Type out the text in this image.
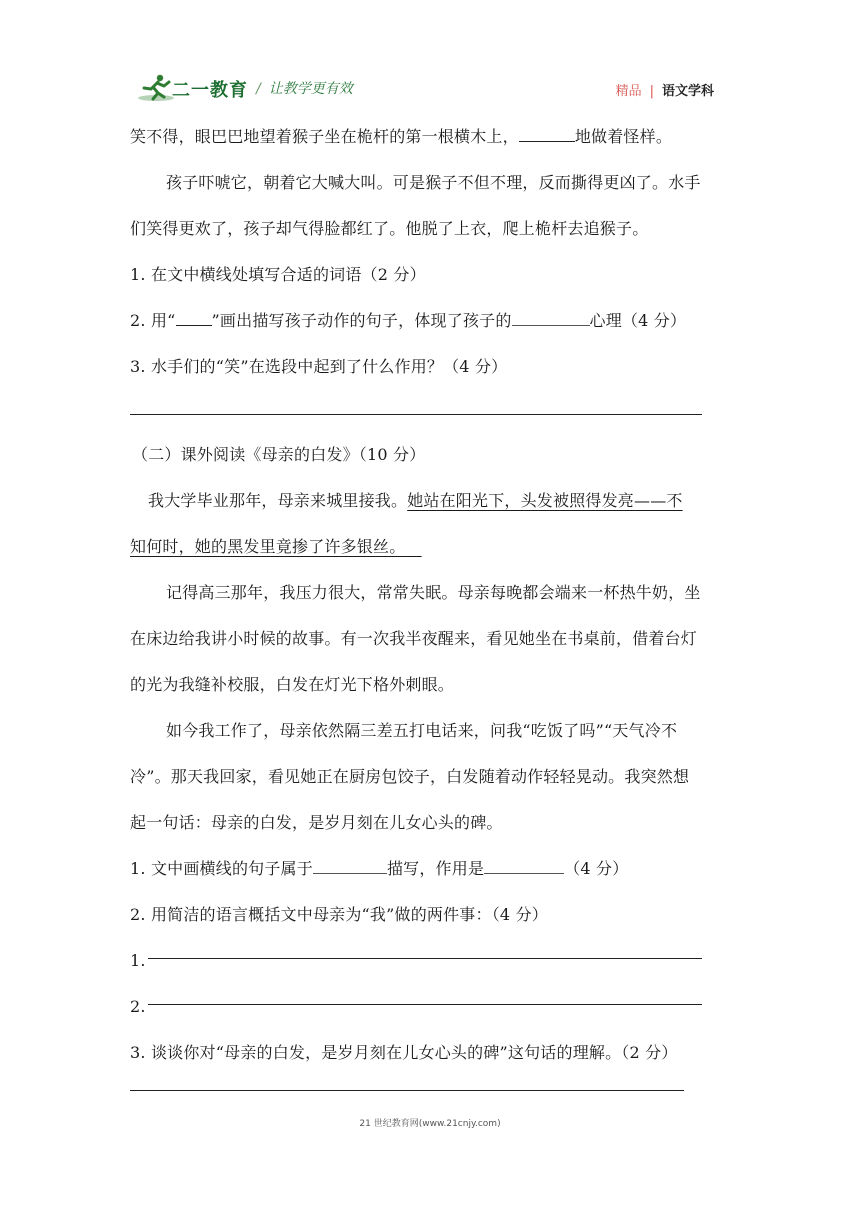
二一教育 / 让教学更有效	精品 | 语文学科
笑不得，眼巴巴地望着猴子坐在桅杆的第一根横木上，	地做着怪样。
孩子吓唬它，朝着它大喊大叫。可是猴子不但不理，反而撕得更凶了。水手
们笑得更欢了，孩子却气得脸都红了。他脱了上衣，爬上桅杆去追猴子。
1. 在文中横线处填写合适的词语（2 分）
2. 用“ ”画出描写孩子动作的句子，体现了孩子的	心理（4 分）
3. 水手们的“笑”在选段中起到了什么作用？（4 分）
（二）课外阅读《母亲的白发》（10 分）
我大学毕业那年，母亲来城里接我。她站在阳光下，头发被照得发亮——不
知何时，她的黑发里竟掺了许多银丝。 
记得高三那年，我压力很大，常常失眠。母亲每晚都会端来一杯热牛奶，坐
在床边给我讲小时候的故事。有一次我半夜醒来，看见她坐在书桌前，借着台灯
的光为我缝补校服，白发在灯光下格外刺眼。
如今我工作了，母亲依然隔三差五打电话来，问我“吃饭了吗”“天气冷不
冷”。那天我回家，看见她正在厨房包饺子，白发随着动作轻轻晃动。我突然想
起一句话：母亲的白发，是岁月刻在儿女心头的碑。
1. 文中画横线的句子属于	描写，作用是	（4 分）
2. 用简洁的语言概括文中母亲为“我”做的两件事：（4 分）
1.
2.
3. 谈谈你对“母亲的白发，是岁月刻在儿女心头的碑”这句话的理解。（2 分）
21 世纪教育网(www.21cnjy.com)
